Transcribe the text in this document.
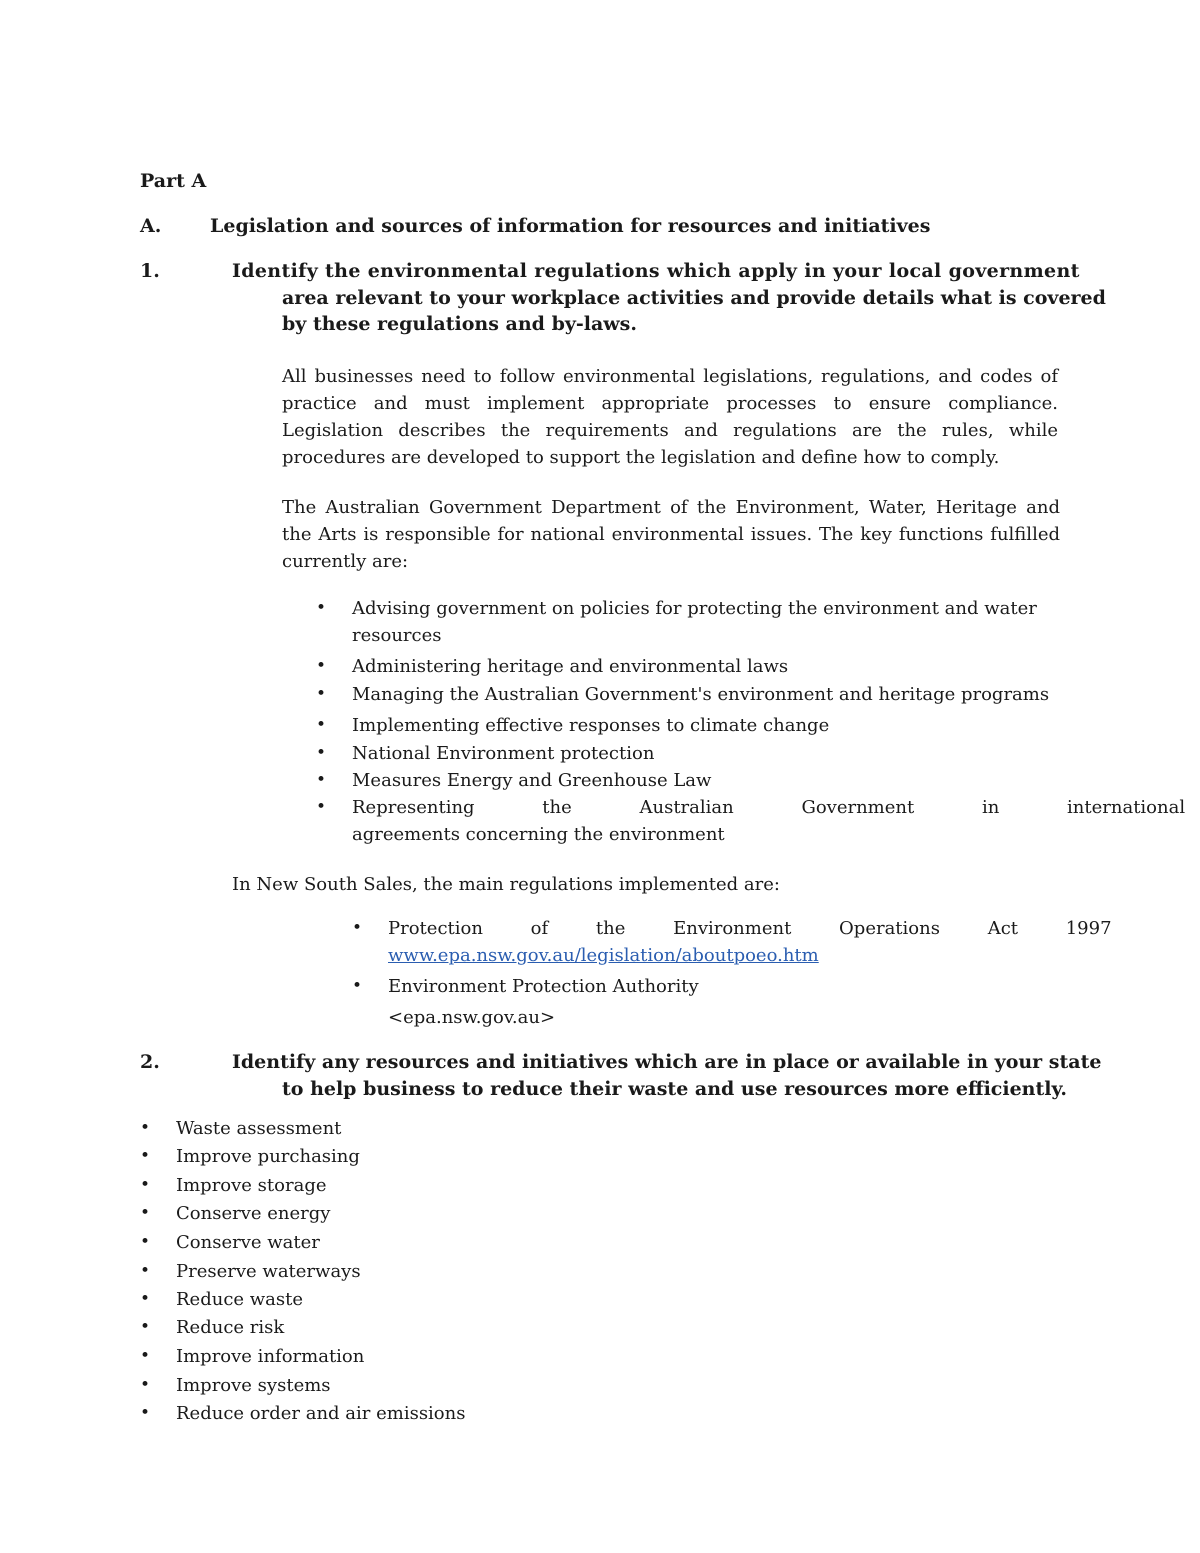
Part A
A.	Legislation and sources of information for resources and initiatives
1.	Identify the environmental regulations which apply in your local government
area relevant to your workplace activities and provide details what is covered
by these regulations and by-laws.
All businesses need to follow environmental legislations, regulations, and codes of practice and must implement appropriate processes to ensure compliance. Legislation describes the requirements and regulations are the rules, while procedures are developed to support the legislation and define how to comply.
The Australian Government Department of the Environment, Water, Heritage and the Arts is responsible for national environmental issues. The key functions fulfilled currently are:
• Advising government on policies for protecting the environment and water
resources
• Administering heritage and environmental laws
• Managing the Australian Government's environment and heritage programs
• Implementing effective responses to climate change
• National Environment protection
• Measures Energy and Greenhouse Law
• Representing the Australian Government in international
agreements concerning the environment
In New South Sales, the main regulations implemented are:
• Protection of the Environment Operations Act 1997
www.epa.nsw.gov.au/legislation/aboutpoeo.htm
• Environment Protection Authority
<epa.nsw.gov.au>
2.	Identify any resources and initiatives which are in place or available in your state
to help business to reduce their waste and use resources more efficiently.
• Waste assessment
• Improve purchasing
• Improve storage
• Conserve energy
• Conserve water
• Preserve waterways
• Reduce waste
• Reduce risk
• Improve information
• Improve systems
• Reduce order and air emissions
